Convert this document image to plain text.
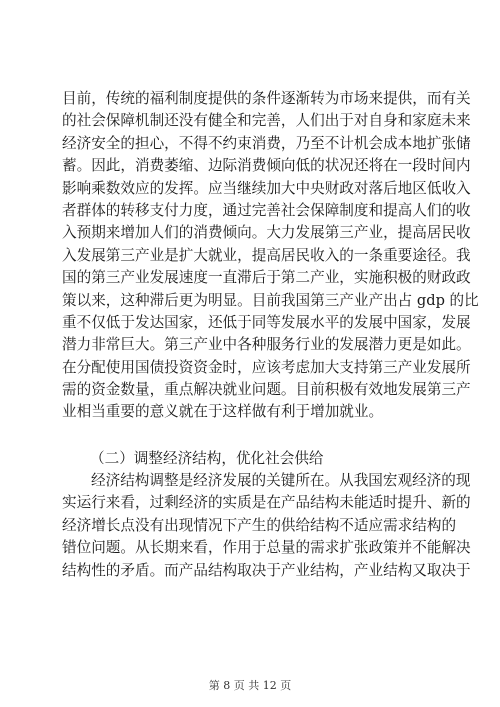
目前，传统的福利制度提供的条件逐渐转为市场来提供，而有关
的社会保障机制还没有健全和完善，人们出于对自身和家庭未来
经济安全的担心，不得不约束消费，乃至不计机会成本地扩张储
蓄。因此，消费萎缩、边际消费倾向低的状况还将在一段时间内
影响乘数效应的发挥。应当继续加大中央财政对落后地区低收入
者群体的转移支付力度，通过完善社会保障制度和提高人们的收
入预期来增加人们的消费倾向。大力发展第三产业，提高居民收
入发展第三产业是扩大就业，提高居民收入的一条重要途径。我
国的第三产业发展速度一直滞后于第二产业，实施积极的财政政
策以来，这种滞后更为明显。目前我国第三产业产出占 gdp 的比
重不仅低于发达国家，还低于同等发展水平的发展中国家，发展
潜力非常巨大。第三产业中各种服务行业的发展潜力更是如此。
在分配使用国债投资资金时，应该考虑加大支持第三产业发展所
需的资金数量，重点解决就业问题。目前积极有效地发展第三产
业相当重要的意义就在于这样做有利于增加就业。
（二）调整经济结构，优化社会供给
经济结构调整是经济发展的关键所在。从我国宏观经济的现
实运行来看，过剩经济的实质是在产品结构未能适时提升、新的
经济增长点没有出现情况下产生的供给结构不适应需求结构的
错位问题。从长期来看，作用于总量的需求扩张政策并不能解决
结构性的矛盾。而产品结构取决于产业结构，产业结构又取决于
第 8 页 共 12 页
